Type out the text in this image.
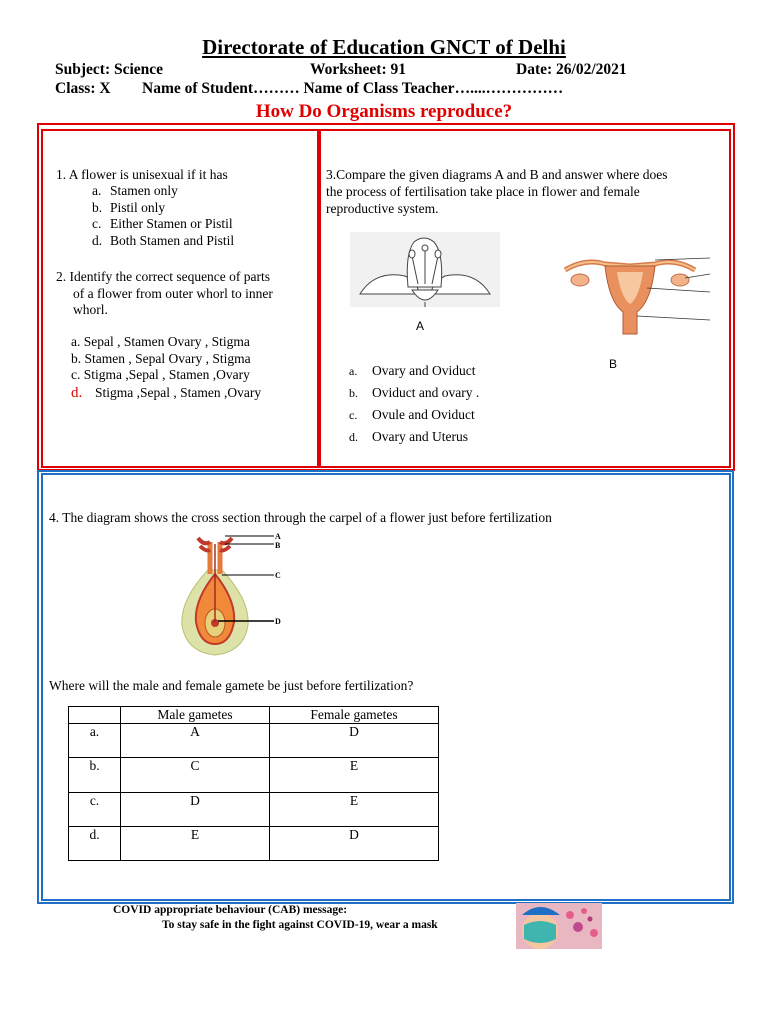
Directorate of Education GNCT of Delhi
Subject: Science	Worksheet: 91	Date: 26/02/2021
Class: X Name of Student……… Name of Class Teacher…....……………
How Do Organisms reproduce?
1. A flower is unisexual if it has
a. Stamen only
b. Pistil only
c. Either Stamen or Pistil
d. Both Stamen and Pistil
2. Identify the correct sequence of parts
of a flower from outer whorl to inner
whorl.
a. Sepal , Stamen Ovary , Stigma
b. Stamen , Sepal Ovary , Stigma
c. Stigma ,Sepal , Stamen ,Ovary
d. Stigma ,Sepal , Stamen ,Ovary
3.Compare the given diagrams A and B and answer where does
the process of fertilisation take place in flower and female
reproductive system.
A
B
a. Ovary and Oviduct
b. Oviduct and ovary .
c. Ovule and Oviduct
d. Ovary and Uterus
4. The diagram shows the cross section through the carpel of a flower just before fertilization
A
B
C
D
Where will the male and female gamete be just before fertilization?
	Male gametes	Female gametes
a.	A	D
b.	C	E
c.	D	E
d.	E	D
COVID appropriate behaviour (CAB) message:
To stay safe in the fight against COVID-19, wear a mask
